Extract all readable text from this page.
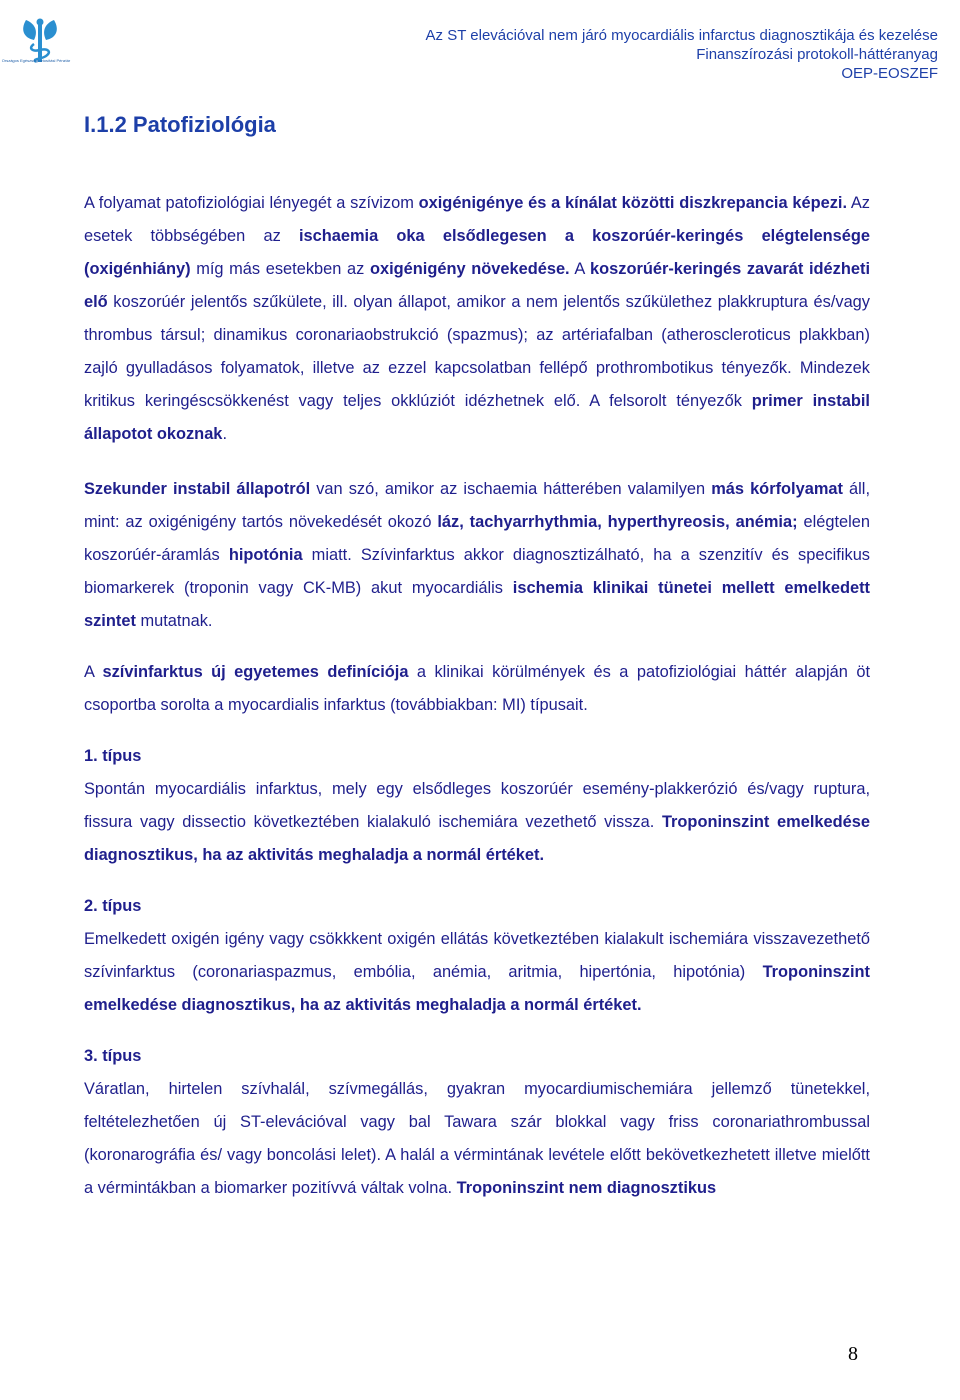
Országos Egészségbiztosítási Pénztár
Az ST elevációval nem járó myocardiális infarctus diagnosztikája és kezelése
Finanszírozási protokoll-háttéranyag
OEP-EOSZEF
I.1.2 Patofiziológia

A folyamat patofiziológiai lényegét a szívizom oxigénigénye és a kínálat közötti diszkrepancia képezi. Az esetek többségében az ischaemia oka elsődlegesen a koszorúér-keringés elégtelensége (oxigénhiány) míg más esetekben az oxigénigény növekedése. A koszorúér-keringés zavarát idézheti elő koszorúér jelentős szűkülete, ill. olyan állapot, amikor a nem jelentős szűkülethez plakkruptura és/vagy thrombus társul; dinamikus coronariaobstrukció (spazmus); az artériafalban (atheroscleroticus plakkban) zajló gyulladásos folyamatok, illetve az ezzel kapcsolatban fellépő prothrombotikus tényezők. Mindezek kritikus keringéscsökkenést vagy teljes okklúziót idézhetnek elő. A felsorolt tényezők primer instabil állapotot okoznak.

Szekunder instabil állapotról van szó, amikor az ischaemia hátterében valamilyen más kórfolyamat áll, mint: az oxigénigény tartós növekedését okozó láz, tachyarrhythmia, hyperthyreosis, anémia; elégtelen koszorúér-áramlás hipotónia miatt. Szívinfarktus akkor diagnosztizálható, ha a szenzitív és specifikus biomarkerek (troponin vagy CK-MB) akut myocardiális ischemia klinikai tünetei mellett emelkedett szintet mutatnak.

A szívinfarktus új egyetemes definíciója a klinikai körülmények és a patofiziológiai háttér alapján öt csoportba sorolta a myocardialis infarktus (továbbiakban: MI) típusait.

1. típus

Spontán myocardiális infarktus, mely egy elsődleges koszorúér esemény-plakkerózió és/vagy ruptura, fissura vagy dissectio következtében kialakuló ischemiára vezethető vissza. Troponinszint emelkedése diagnosztikus, ha az aktivitás meghaladja a normál értéket.

2. típus

Emelkedett oxigén igény vagy csökkkent oxigén ellátás következtében kialakult ischemiára visszavezethető szívinfarktus (coronariaspazmus, embólia, anémia, aritmia, hipertónia, hipotónia) Troponinszint emelkedése diagnosztikus, ha az aktivitás meghaladja a normál értéket.

3. típus

Váratlan, hirtelen szívhalál, szívmegállás, gyakran myocardiumischemiára jellemző tünetekkel, feltételezhetően új ST-elevációval vagy bal Tawara szár blokkal vagy friss coronariathrombussal (koronarográfia és/ vagy boncolási lelet). A halál a vérmintának levétele előtt bekövetkezhetett illetve mielőtt a vérmintákban a biomarker pozitívvá váltak volna. Troponinszint nem diagnosztikus

8
